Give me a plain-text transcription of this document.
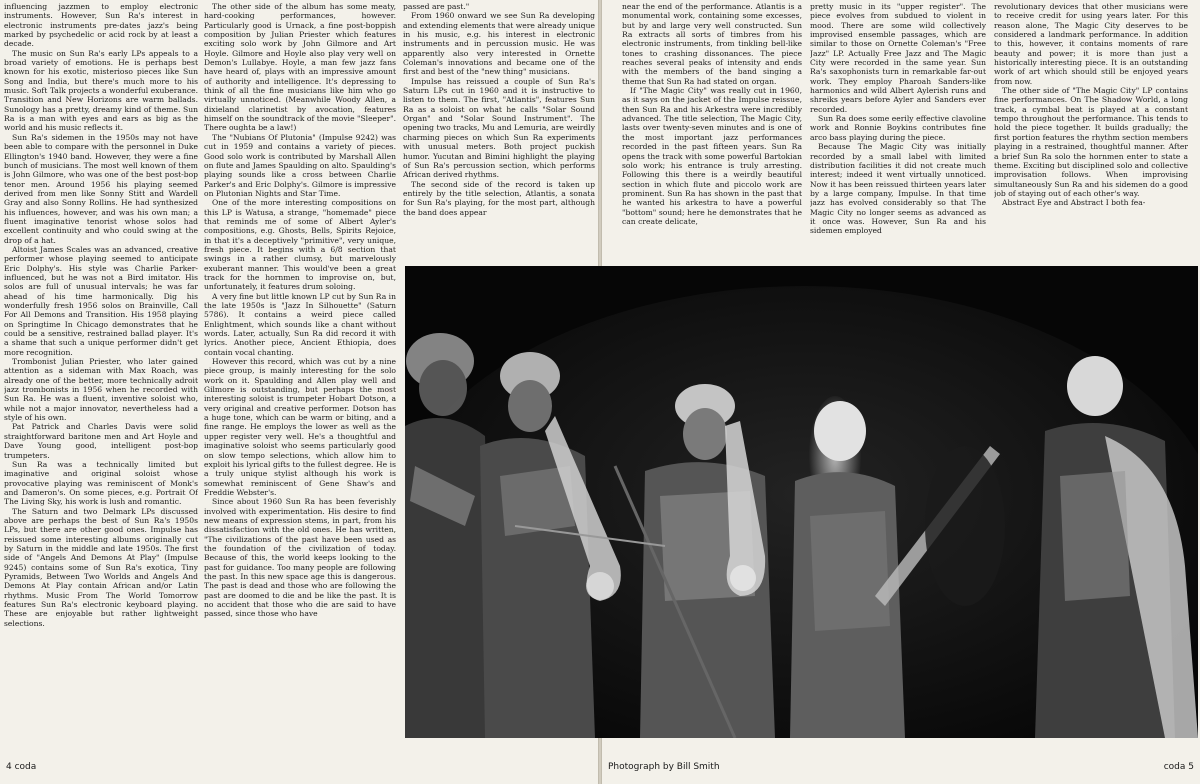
influencing jazzmen to employ electronic instruments. However, Sun Ra's interest in electronic instruments pre-dates jazz's being marked by psychedelic or acid rock by at least a decade.

The music on Sun Ra's early LPs appeals to a broad variety of emotions. He is perhaps best known for his exotic, misterioso pieces like Sun Song and India, but there's much more to his music. Soft Talk projects a wonderful exuberance. Transition and New Horizons are warm ballads. Sunology has a pretty, dreamy kind of theme. Sun Ra is a man with eyes and ears as big as the world and his music reflects it.

Sun Ra's sidemen in the 1950s may not have been able to compare with the personnel in Duke Ellington's 1940 band. However, they were a fine bunch of musicians. The most well known of them is John Gilmore, who was one of the best post-bop tenor men. Around 1956 his playing seemed derived from men like Sonny Stitt and Wardell Gray and also Sonny Rollins. He had synthesized his influences, however, and was his own man; a fluent imaginative tenorist whose solos had excellent continuity and who could swing at the drop of a hat.

Altoist James Scales was an advanced, creative performer whose playing seemed to anticipate Eric Dolphy's. His style was Charlie Parker-influenced, but he was not a Bird imitator. His solos are full of unusual intervals; he was far ahead of his time harmonically. Dig his wonderfully fresh 1956 solos on Brainville, Call For All Demons and Transition. His 1958 playing on Springtime In Chicago demonstrates that he could be a sensitive, restrained ballad player. It's a shame that such a unique performer didn't get more recognition.

Trombonist Julian Priester, who later gained attention as a sideman with Max Roach, was already one of the better, more technically adroit jazz trombonists in 1956 when he recorded with Sun Ra. He was a fluent, inventive soloist who, while not a major innovator, nevertheless had a style of his own.

Pat Patrick and Charles Davis were solid straightforward baritone men and Art Hoyle and Dave Young good, intelligent post-bop trumpeters.

Sun Ra was a technically limited but imaginative and original soloist whose provocative playing was reminiscent of Monk's and Dameron's. On some pieces, e.g. Portrait Of The Living Sky, his work is lush and romantic.

The Saturn and two Delmark LPs discussed above are perhaps the best of Sun Ra's 1950s LPs, but there are other good ones. Impulse has reissued some interesting albums originally cut by Saturn in the middle and late 1950s. The first side of "Angels And Demons At Play" (Impulse 9245) contains some of Sun Ra's exotica, Tiny Pyramids, Between Two Worlds and Angels And Demons At Play contain African and/or Latin rhythms. Music From The World Tomorrow features Sun Ra's electronic keyboard playing. These are enjoyable but rather lightweight selections.

The other side of the album has some meaty, hard-cooking performances, however. Particularly good is Urnack, a fine post-boppish composition by Julian Priester which features exciting solo work by John Gilmore and Art Hoyle. Gilmore and Hoyle also play very well on Demon's Lullabye. Hoyle, a man few jazz fans have heard of, plays with an impressive amount of authority and intelligence. It's depressing to think of all the fine musicians like him who go virtually unnoticed. (Meanwhile Woody Allen, a dixieland clarinetist by avocation, features himself on the soundtrack of the movie "Sleeper". There oughta be a law!)

The "Nubians Of Plutonia" (Impulse 9242) was cut in 1959 and contains a variety of pieces. Good solo work is contributed by Marshall Allen on flute and James Spaulding on alto. Spaulding's playing sounds like a cross between Charlie Parker's and Eric Dolphy's. Gilmore is impressive on Plutonian Nights and Star Time.

One of the more interesting compositions on this LP is Watusa, a strange, "homemade" piece that reminds me of some of Albert Ayler's compositions, e.g. Ghosts, Bells, Spirits Rejoice, in that it's a deceptively "primitive", very unique, fresh piece. It begins with a 6/8 section that swings in a rather clumsy, but marvelously exuberant manner. This would've been a great track for the hornmen to improvise on, but, unfortunately, it features drum soloing.

A very fine but little known LP cut by Sun Ra in the late 1950s is "Jazz In Silhouette" (Saturn 5786). It contains a weird piece called Enlightment, which sounds like a chant without words. Later, actually, Sun Ra did record it with lyrics. Another piece, Ancient Ethiopia, does contain vocal chanting.

However this record, which was cut by a nine piece group, is mainly interesting for the solo work on it. Spaulding and Allen play well and Gilmore is outstanding, but perhaps the most interesting soloist is trumpeter Hobart Dotson, a very original and creative performer. Dotson has a huge tone, which can be warm or biting, and a fine range. He employs the lower as well as the upper register very well. He's a thoughtful and imaginative soloist who seems particularly good on slow tempo selections, which allow him to exploit his lyrical gifts to the fullest degree. He is a truly unique stylist although his work is somewhat reminiscent of Gene Shaw's and Freddie Webster's.

Since about 1960 Sun Ra has been feverishly involved with experimentation. His desire to find new means of expression stems, in part, from his dissatisfaction with the old ones. He has written, "The civilizations of the past have been used as the foundation of the civilization of today. Because of this, the world keeps looking to the past for guidance. Too many people are following the past. In this new space age this is dangerous. The past is dead and those who are following the past are doomed to die and be like the past. It is no accident that those who die are said to have passed, since those who have

passed are past."

From 1960 onward we see Sun Ra developing and extending elements that were already unique in his music, e.g. his interest in electronic instruments and in percussion music. He was apparently also very interested in Ornette Coleman's innovations and became one of the first and best of the "new thing" musicians.

Impulse has reissued a couple of Sun Ra's Saturn LPs cut in 1960 and it is instructive to listen to them. The first, "Atlantis", features Sun Ra as a soloist on what he calls "Solar Sound Organ" and "Solar Sound Instrument". The opening two tracks, Mu and Lemuria, are weirdly charming pieces on which Sun Ra experiments with unusual meters. Both project puckish humor. Yucutan and Bimini highlight the playing of Sun Ra's percussion section, which performs African derived rhythms.

The second side of the record is taken up entirely by the title selection, Atlantis, a sonata for Sun Ra's playing, for the most part, although the band does appear

4 coda

near the end of the performance. Atlantis is a monumental work, containing some excesses, but by and large very well constructed. Sun Ra extracts all sorts of timbres from his electronic instruments, from tinkling bell-like tones to crashing dissonances. The piece reaches several peaks of intensity and ends with the members of the band singing a theme that Sun Ra had stated on organ.

If "The Magic City" was really cut in 1960, as it says on the jacket of the Impulse reissue, then Sun Ra and his Arkestra were incredibly advanced. The title selection, The Magic City, lasts over twenty-seven minutes and is one of the most important jazz performances recorded in the past fifteen years. Sun Ra opens the track with some powerful Bartokian solo work; his entrance is truly arresting. Following this there is a weirdly beautiful section in which flute and piccolo work are prominent. Sun Ra has shown in the past that he wanted his arkestra to have a powerful "bottom" sound; here he demonstrates that he can create delicate,

pretty music in its "upper register". The piece evolves from subdued to violent in mood. There are some wild collectively improvised ensemble passages, which are similar to those on Ornette Coleman's "Free Jazz" LP. Actually Free Jazz and The Magic City were recorded in the same year. Sun Ra's saxophonists turn in remarkable far-out work. They employ Pharoah Sanders-like harmonics and wild Albert Aylerish runs and shreiks years before Ayler and Sanders ever recorded.

Sun Ra does some eerily effective clavoline work and Ronnie Boykins contributes fine arco bass playing during the piece.

Because The Magic City was initially recorded by a small label with limited distribution facilities it did not create much interest; indeed it went virtually unnoticed. Now it has been reissued thirteen years later by a large company, Impulse. In that time jazz has evolved considerably so that The Magic City no longer seems as advanced as it once was. However, Sun Ra and his sidemen employed

revolutionary devices that other musicians were to receive credit for using years later. For this reason alone, The Magic City deserves to be considered a landmark performance. In addition to this, however, it contains moments of rare beauty and power; it is more than just a historically interesting piece. It is an outstanding work of art which should still be enjoyed years from now.

The other side of "The Magic City" LP contains fine performances. On The Shadow World, a long track, a cymbal beat is played at a constant tempo throughout the performance. This tends to hold the piece together. It builds gradually; the first portion features the rhythm section members playing in a restrained, thoughtful manner. After a brief Sun Ra solo the hornmen enter to state a theme. Exciting but disciplined solo and collective improvisation follows. When improvising simultaneously Sun Ra and his sidemen do a good job of staying out of each other's way.

Abstract Eye and Abstract I both fea-

coda 5
Photograph by Bill Smith
